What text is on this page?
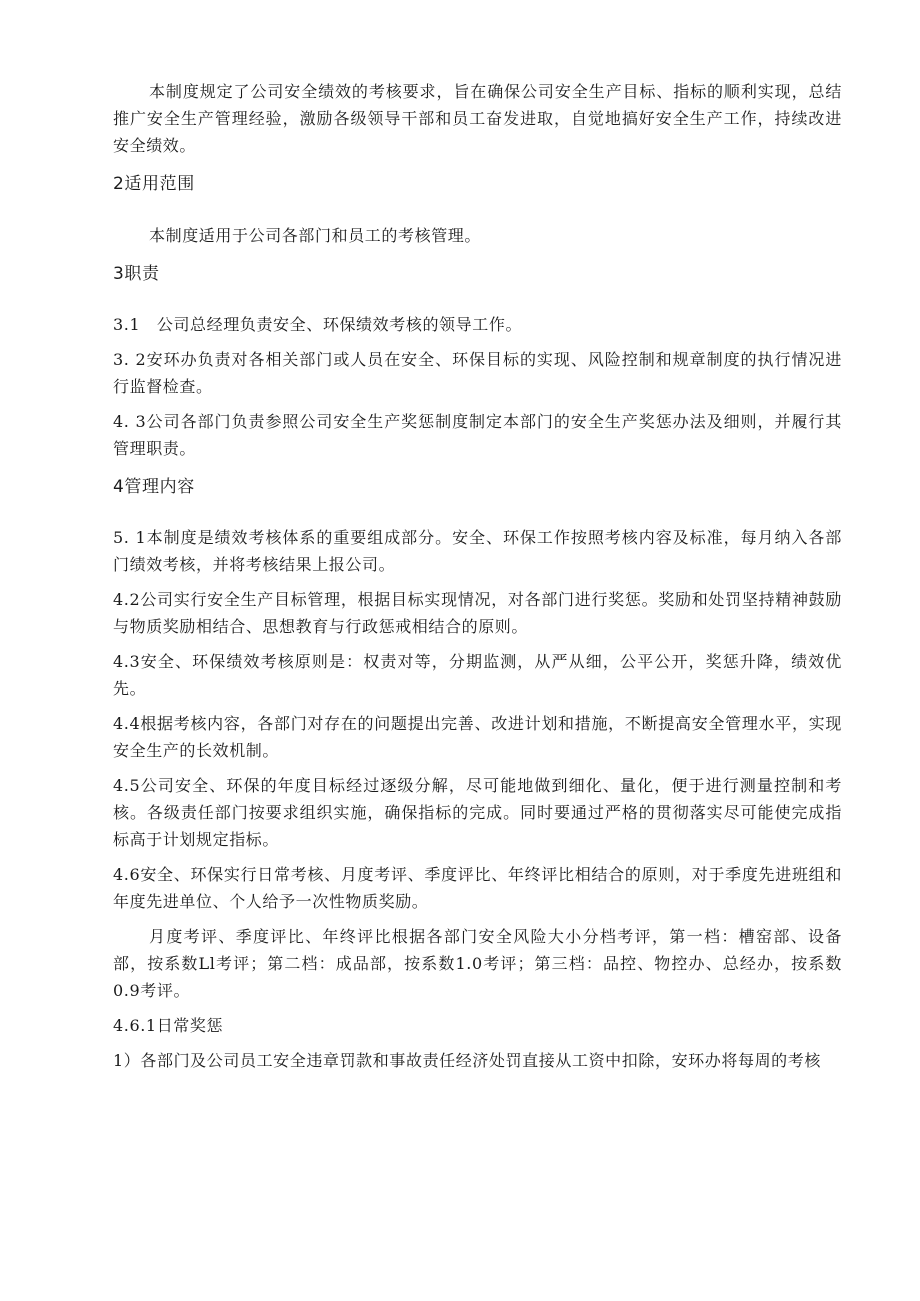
本制度规定了公司安全绩效的考核要求，旨在确保公司安全生产目标、指标的顺利实现，总结推广安全生产管理经验，激励各级领导干部和员工奋发进取，自觉地搞好安全生产工作，持续改进安全绩效。

2适用范围

本制度适用于公司各部门和员工的考核管理。

3职责

3.1　公司总经理负责安全、环保绩效考核的领导工作。

3. 2安环办负责对各相关部门或人员在安全、环保目标的实现、风险控制和规章制度的执行情况进行监督检查。

4. 3公司各部门负责参照公司安全生产奖惩制度制定本部门的安全生产奖惩办法及细则，并履行其管理职责。

4管理内容

5. 1本制度是绩效考核体系的重要组成部分。安全、环保工作按照考核内容及标准，每月纳入各部门绩效考核，并将考核结果上报公司。

4.2公司实行安全生产目标管理，根据目标实现情况，对各部门进行奖惩。奖励和处罚坚持精神鼓励与物质奖励相结合、思想教育与行政惩戒相结合的原则。

4.3安全、环保绩效考核原则是：权责对等，分期监测，从严从细，公平公开，奖惩升降，绩效优先。

4.4根据考核内容，各部门对存在的问题提出完善、改进计划和措施，不断提高安全管理水平，实现安全生产的长效机制。

4.5公司安全、环保的年度目标经过逐级分解，尽可能地做到细化、量化，便于进行测量控制和考核。各级责任部门按要求组织实施，确保指标的完成。同时要通过严格的贯彻落实尽可能使完成指标高于计划规定指标。

4.6安全、环保实行日常考核、月度考评、季度评比、年终评比相结合的原则，对于季度先进班组和年度先进单位、个人给予一次性物质奖励。

月度考评、季度评比、年终评比根据各部门安全风险大小分档考评，第一档：槽窑部、设备部，按系数Ll考评；第二档：成品部，按系数1.0考评；第三档：品控、物控办、总经办，按系数0.9考评。

4.6.1日常奖惩

1）各部门及公司员工安全违章罚款和事故责任经济处罚直接从工资中扣除，安环办将每周的考核
